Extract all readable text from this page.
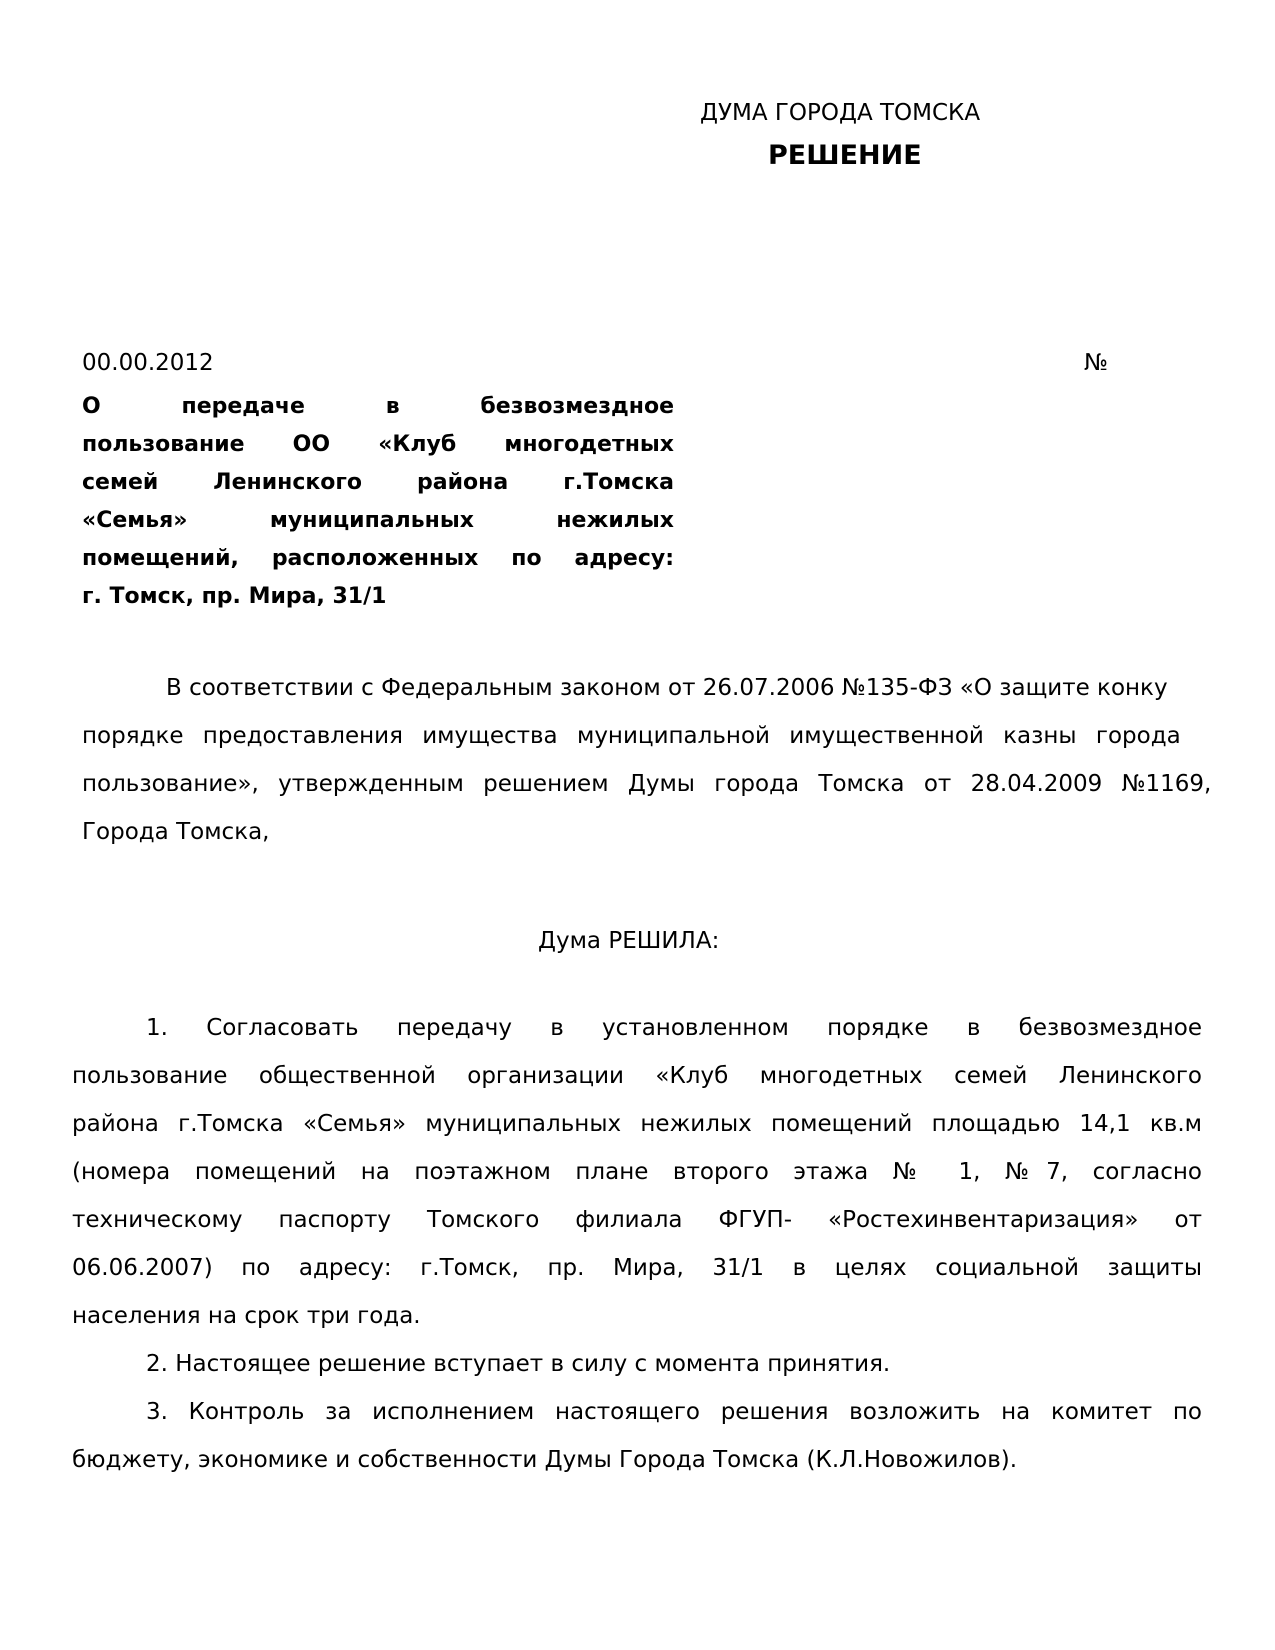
ДУМА ГОРОДА ТОМСКА
РЕШЕНИЕ
00.00.2012	№
О передаче в безвозмездное
пользование ОО «Клуб многодетных
семей Ленинского района г.Томска
«Семья» муниципальных нежилых
помещений, расположенных по адресу:
г. Томск, пр. Мира, 31/1
В соответствии с Федеральным законом от 26.07.2006 №135-ФЗ «О защите конку
порядке предоставления имущества муниципальной имущественной казны города
пользование», утвержденным решением Думы города Томска от 28.04.2009 №1169,
Города Томска,
Дума РЕШИЛА:
1. Согласовать передачу в установленном порядке в безвозмездное
пользование общественной организации «Клуб многодетных семей Ленинского
района г.Томска «Семья» муниципальных нежилых помещений площадью 14,1 кв.м
(номера помещений на поэтажном плане второго этажа № 1, №7, согласно
техническому паспорту Томского филиала ФГУП- «Ростехинвентаризация» от
06.06.2007) по адресу: г.Томск, пр. Мира, 31/1 в целях социальной защиты
населения на срок три года.
2. Настоящее решение вступает в силу с момента принятия.
3. Контроль за исполнением настоящего решения возложить на комитет по
бюджету, экономике и собственности Думы Города Томска (К.Л.Новожилов).
